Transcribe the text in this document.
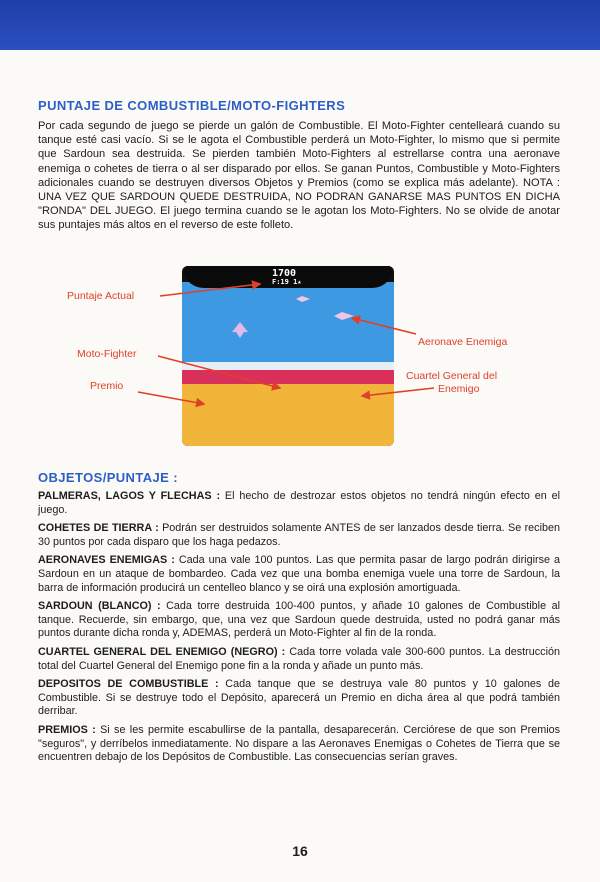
PUNTAJE DE COMBUSTIBLE/MOTO-FIGHTERS

Por cada segundo de juego se pierde un galón de Combustible. El Moto-Fighter centelleará cuando su tanque esté casi vacío. Si se le agota el Combustible perderá un Moto-Fighter, lo mismo que si permite que Sardoun sea destruida. Se pierden también Moto-Fighters al estrellarse contra una aeronave enemiga o cohetes de tierra o al ser disparado por ellos. Se ganan Puntos, Combustible y Moto-Fighters adicionales cuando se destruyen diversos Objetos y Premios (como se explica más adelante). NOTA : UNA VEZ QUE SARDOUN QUEDE DESTRUIDA, NO PODRAN GANARSE MAS PUNTOS EN DICHA "RONDA" DEL JUEGO. El juego termina cuando se le agotan los Moto-Fighters. No se olvide de anotar sus puntajes más altos en el reverso de este folleto.

1700
F:19 1★
Puntaje Actual
Moto-Fighter
Premio
Aeronave Enemiga
Cuartel General del
Enemigo
OBJETOS/PUNTAJE :

PALMERAS, LAGOS Y FLECHAS : El hecho de destrozar estos objetos no tendrá ningún efecto en el juego.

COHETES DE TIERRA : Podrán ser destruidos solamente ANTES de ser lanzados desde tierra. Se reciben 30 puntos por cada disparo que los haga pedazos.

AERONAVES ENEMIGAS : Cada una vale 100 puntos. Las que permita pasar de largo podrán dirigirse a Sardoun en un ataque de bombardeo. Cada vez que una bomba enemiga vuele una torre de Sardoun, la barra de información producirá un centelleo blanco y se oirá una explosión amortiguada.

SARDOUN (BLANCO) : Cada torre destruida 100-400 puntos, y añade 10 galones de Combustible al tanque. Recuerde, sin embargo, que, una vez que Sardoun quede destruida, usted no podrá ganar más puntos durante dicha ronda y, ADEMAS, perderá un Moto-Fighter al fin de la ronda.

CUARTEL GENERAL DEL ENEMIGO (NEGRO) : Cada torre volada vale 300-600 puntos. La destrucción total del Cuartel General del Enemigo pone fin a la ronda y añade un punto más.

DEPOSITOS DE COMBUSTIBLE : Cada tanque que se destruya vale 80 puntos y 10 galones de Combustible. Si se destruye todo el Depósito, aparecerá un Premio en dicha área al que podrá también derribar.

PREMIOS : Si se les permite escabullirse de la pantalla, desaparecerán. Cerciórese de que son Premios "seguros", y derríbelos inmediatamente. No dispare a las Aeronaves Enemigas o Cohetes de Tierra que se encuentren debajo de los Depósitos de Combustible. Las consecuencias serían graves.

16
